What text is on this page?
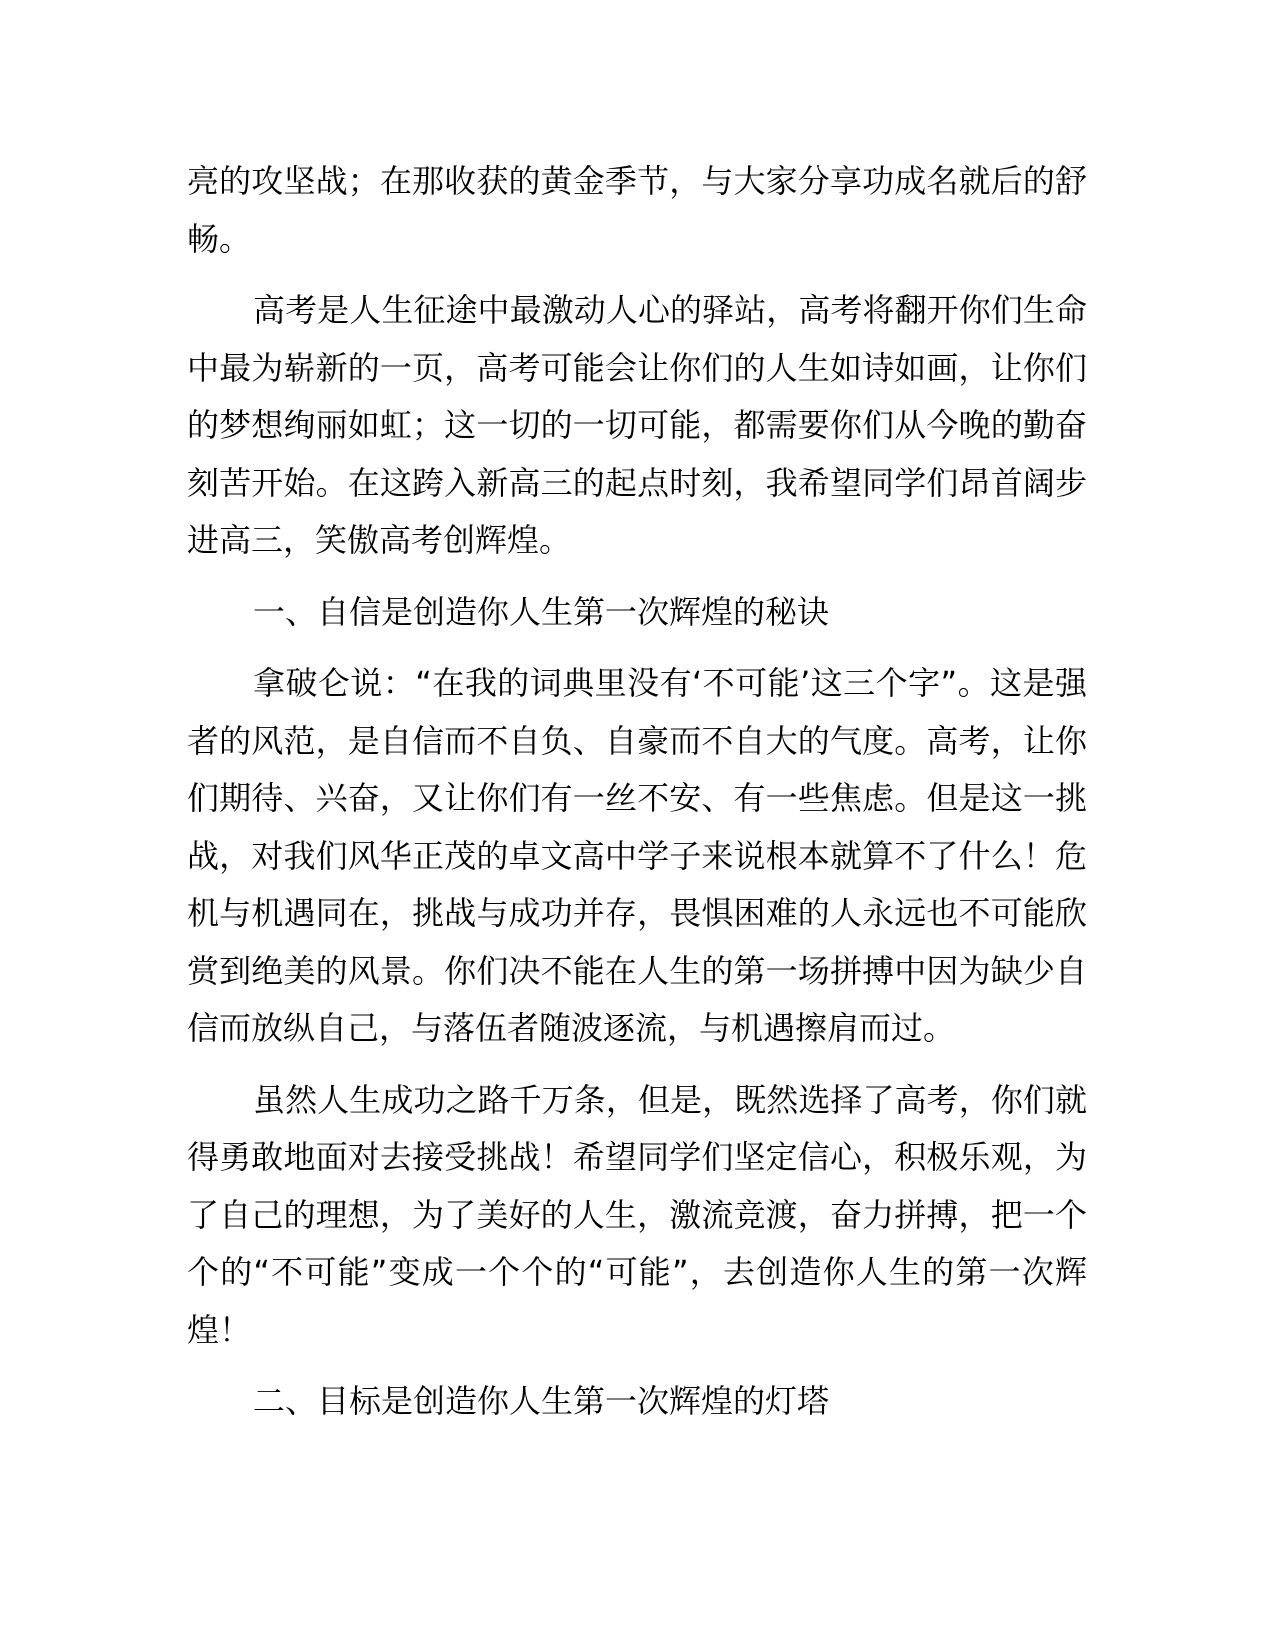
亮的攻坚战；在那收获的黄金季节，与大家分享功成名就后的舒畅。

高考是人生征途中最激动人心的驿站，高考将翻开你们生命中最为崭新的一页，高考可能会让你们的人生如诗如画，让你们的梦想绚丽如虹；这一切的一切可能，都需要你们从今晚的勤奋刻苦开始。在这跨入新高三的起点时刻，我希望同学们昂首阔步进高三，笑傲高考创辉煌。

一、自信是创造你人生第一次辉煌的秘诀

拿破仑说：“在我的词典里没有‘不可能’这三个字”。这是强者的风范，是自信而不自负、自豪而不自大的气度。高考，让你们期待、兴奋，又让你们有一丝不安、有一些焦虑。但是这一挑战，对我们风华正茂的卓文高中学子来说根本就算不了什么！危机与机遇同在，挑战与成功并存，畏惧困难的人永远也不可能欣赏到绝美的风景。你们决不能在人生的第一场拼搏中因为缺少自信而放纵自己，与落伍者随波逐流，与机遇擦肩而过。

虽然人生成功之路千万条，但是，既然选择了高考，你们就得勇敢地面对去接受挑战！希望同学们坚定信心，积极乐观，为了自己的理想，为了美好的人生，激流竞渡，奋力拼搏，把一个个的“不可能”变成一个个的“可能”，去创造你人生的第一次辉煌！

二、目标是创造你人生第一次辉煌的灯塔
